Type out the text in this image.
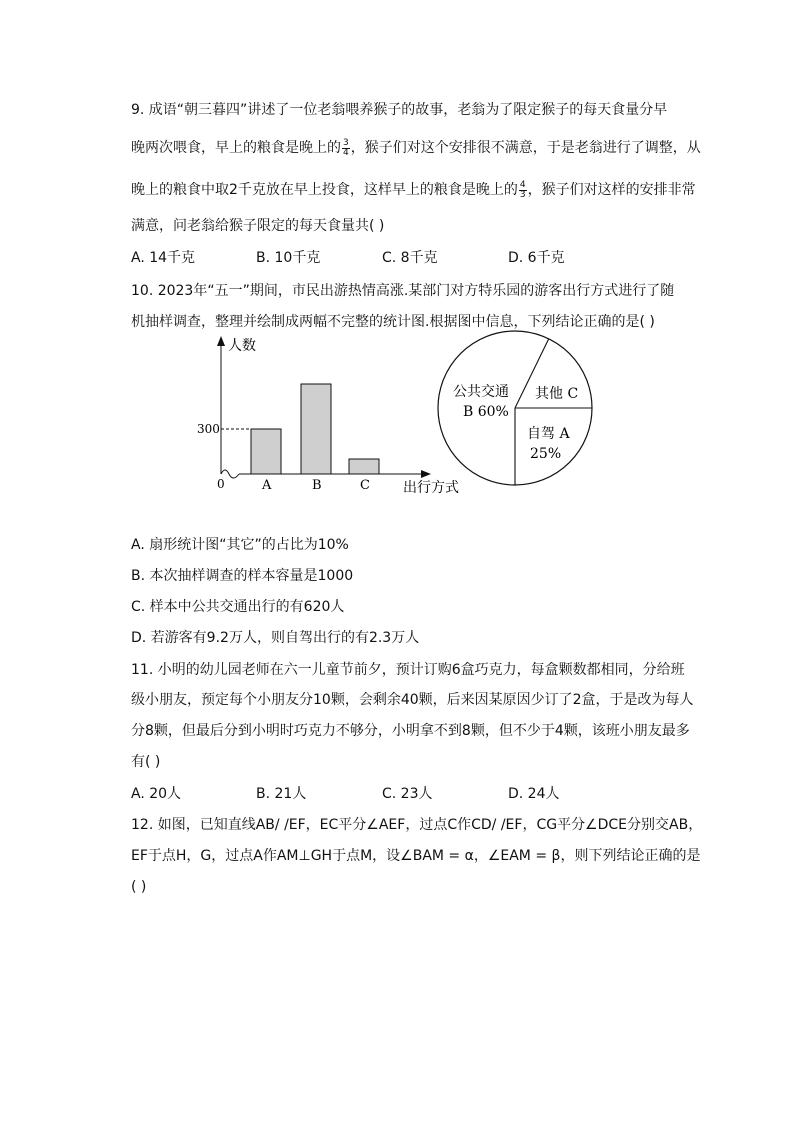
9. 成语“朝三暮四”讲述了一位老翁喂养猴子的故事，老翁为了限定猴子的每天食量分早
晚两次喂食，早上的粮食是晚上的 $\frac{3}{4}$ ，猴子们对这个安排很不满意，于是老翁进行了调整，从
晚上的粮食中取2千克放在早上投食，这样早上的粮食是晚上的 $\frac{4}{3}$ ，猴子们对这样的安排非常
满意，问老翁给猴子限定的每天食量共( )
A. 14千克	B. 10千克	C. 8千克	D. 6千克
10. 2023年“五一”期间，市民出游热情高涨.某部门对方特乐园的游客出行方式进行了随
机抽样调查，整理并绘制成两幅不完整的统计图.根据图中信息，下列结论正确的是( )
人数
出行方式
0
300
A	B	C
公共交通
B 60%
其他 C
自驾 A
25%
A. 扇形统计图“其它”的占比为10%
B. 本次抽样调查的样本容量是1000
C. 样本中公共交通出行的有620人
D. 若游客有9.2万人，则自驾出行的有2.3万人
11. 小明的幼儿园老师在六一儿童节前夕，预计订购6盒巧克力，每盒颗数都相同，分给班
级小朋友，预定每个小朋友分10颗，会剩余40颗，后来因某原因少订了2盒，于是改为每人
分8颗，但最后分到小明时巧克力不够分，小明拿不到8颗，但不少于4颗，该班小朋友最多
有( )
A. 20人	B. 21人	C. 23人	D. 24人
12. 如图，已知直线AB/ /EF，EC平分∠AEF，过点C作CD/ /EF，CG平分∠DCE分别交AB，
EF于点H，G，过点A作AM⊥GH于点M，设∠BAM = α，∠EAM = β，则下列结论正确的是
( )
